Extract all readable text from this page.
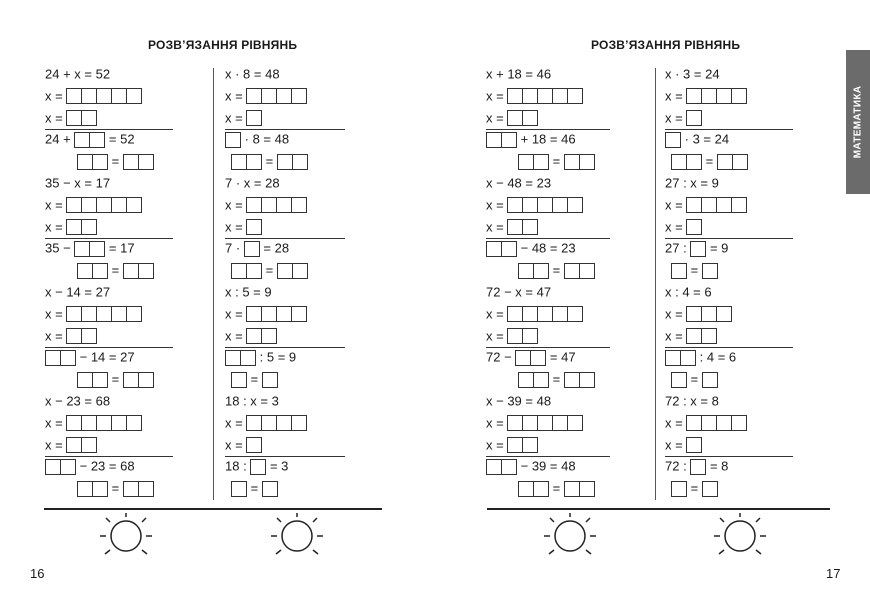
РОЗВ’ЯЗАННЯ РІВНЯНЬ
24 + x = 52
x =
x =
24 +	= 52
=
35 − x = 17
x =
x =
35 −	= 17
=
x − 14 = 27
x =
x =
− 14 = 27
=
x − 23 = 68
x =
x =
− 23 = 68
=
x · 8 = 48
x =
x =
· 8 = 48
=
7 · x = 28
x =
x =
7 · = 28
=
x : 5 = 9
x =
x =
: 5 = 9
=
18 : x = 3
x =
x =
18 : = 3
=
16
РОЗВ’ЯЗАННЯ РІВНЯНЬ
x + 18 = 46
x =
x =
+ 18 = 46
=
x − 48 = 23
x =
x =
− 48 = 23
=
72 − x = 47
x =
x =
72 −	= 47
=
x − 39 = 48
x =
x =
− 39 = 48
=
x · 3 = 24
x =
x =
· 3 = 24
=
27 : x = 9
x =
x =
27 : = 9
=
x : 4 = 6
x =
x =
: 4 = 6
=
72 : x = 8
x =
x =
72 : = 8
=
17
МАТЕМАТИКА
